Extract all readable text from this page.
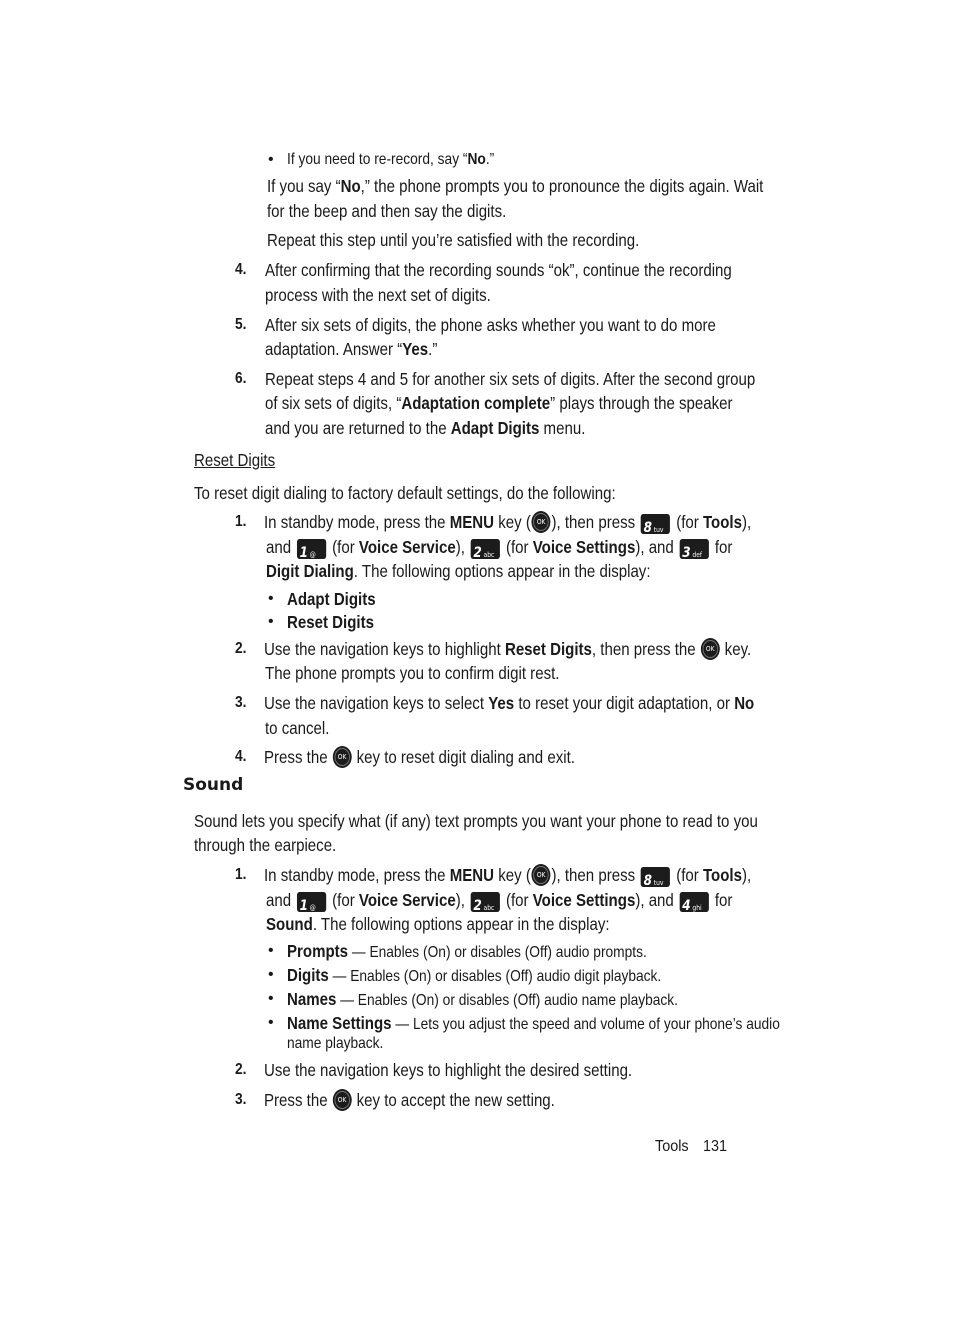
• If you need to re-record, say “No.”
If you say “No,” the phone prompts you to pronounce the digits again. Wait
for the beep and then say the digits.
Repeat this step until you’re satisfied with the recording.
4. After confirming that the recording sounds “ok”, continue the recording
process with the next set of digits.
5. After six sets of digits, the phone asks whether you want to do more
adaptation. Answer “Yes.”
6. Repeat steps 4 and 5 for another six sets of digits. After the second group
of six sets of digits, “Adaptation complete” plays through the speaker
and you are returned to the Adapt Digits menu.
Reset Digits
To reset digit dialing to factory default settings, do the following:
1. In standby mode, press the MENU key ( OK ), then press 8 tuv (for Tools),
and 1 @ (for Voice Service), 2 abc (for Voice Settings), and 3 def for
Digit Dialing. The following options appear in the display:
• Adapt Digits
• Reset Digits
2. Use the navigation keys to highlight Reset Digits, then press the OK key.
The phone prompts you to confirm digit rest.
3. Use the navigation keys to select Yes to reset your digit adaptation, or No
to cancel.
4. Press the OK key to reset digit dialing and exit.
Sound
Sound lets you specify what (if any) text prompts you want your phone to read to you
through the earpiece.
1. In standby mode, press the MENU key ( OK ), then press 8 tuv (for Tools),
and 1 @ (for Voice Service), 2 abc (for Voice Settings), and 4 ghi for
Sound. The following options appear in the display:
• Prompts — Enables (On) or disables (Off) audio prompts.
• Digits — Enables (On) or disables (Off) audio digit playback.
• Names — Enables (On) or disables (Off) audio name playback.
• Name Settings — Lets you adjust the speed and volume of your phone’s audio
name playback.
2. Use the navigation keys to highlight the desired setting.
3. Press the OK key to accept the new setting.
Tools 131
